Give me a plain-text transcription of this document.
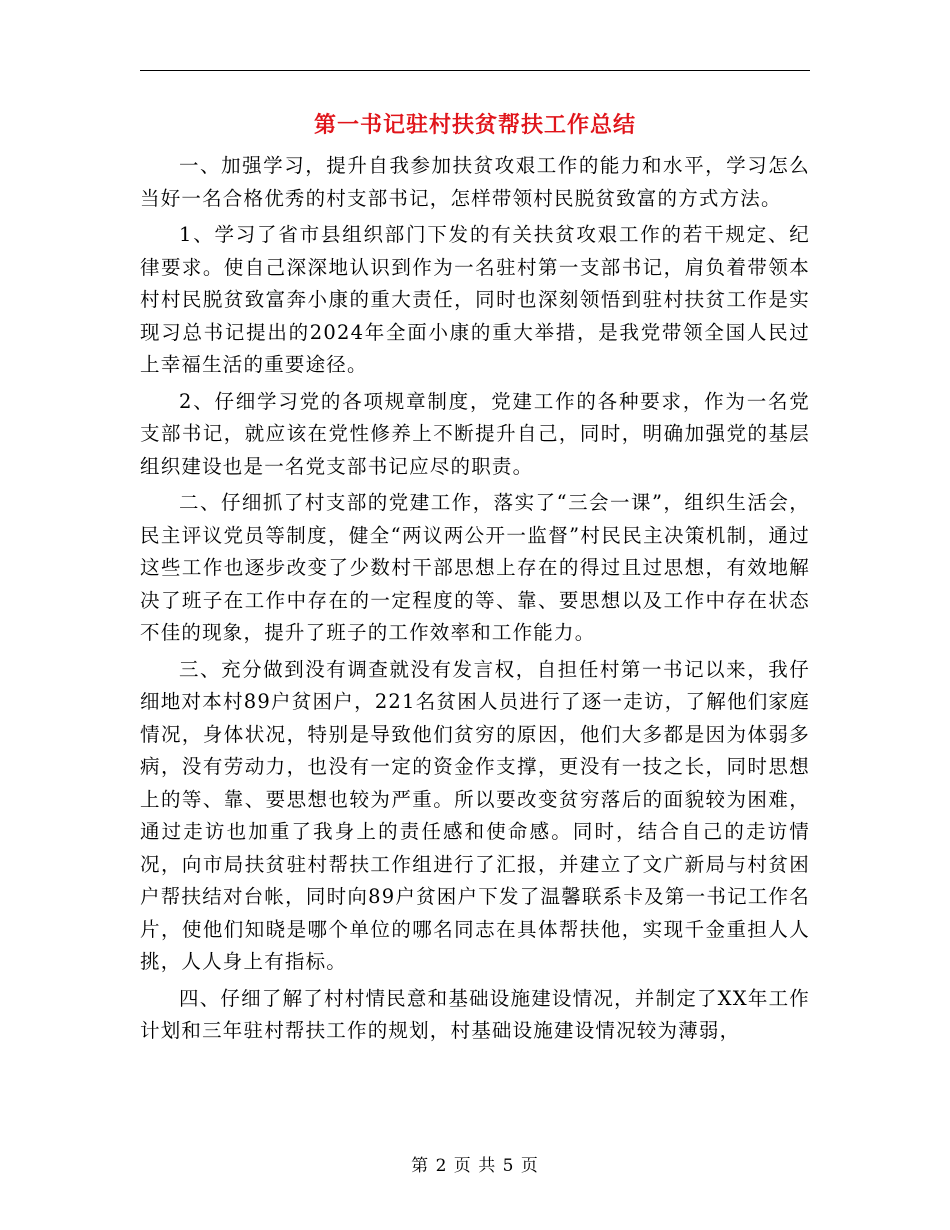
第一书记驻村扶贫帮扶工作总结

一、加强学习，提升自我参加扶贫攻艰工作的能力和水平，学习怎么当好一名合格优秀的村支部书记，怎样带领村民脱贫致富的方式方法。

1、学习了省市县组织部门下发的有关扶贫攻艰工作的若干规定、纪律要求。使自己深深地认识到作为一名驻村第一支部书记，肩负着带领本村村民脱贫致富奔小康的重大责任，同时也深刻领悟到驻村扶贫工作是实现习总书记提出的2024年全面小康的重大举措，是我党带领全国人民过上幸福生活的重要途径。

2、仔细学习党的各项规章制度，党建工作的各种要求，作为一名党支部书记，就应该在党性修养上不断提升自己，同时，明确加强党的基层组织建设也是一名党支部书记应尽的职责。

二、仔细抓了村支部的党建工作，落实了“三会一课”，组织生活会，民主评议党员等制度，健全“两议两公开一监督”村民民主决策机制，通过这些工作也逐步改变了少数村干部思想上存在的得过且过思想，有效地解决了班子在工作中存在的一定程度的等、靠、要思想以及工作中存在状态不佳的现象，提升了班子的工作效率和工作能力。

三、充分做到没有调查就没有发言权，自担任村第一书记以来，我仔细地对本村89户贫困户，221名贫困人员进行了逐一走访，了解他们家庭情况，身体状况，特别是导致他们贫穷的原因，他们大多都是因为体弱多病，没有劳动力，也没有一定的资金作支撑，更没有一技之长，同时思想上的等、靠、要思想也较为严重。所以要改变贫穷落后的面貌较为困难，通过走访也加重了我身上的责任感和使命感。同时，结合自己的走访情况，向市局扶贫驻村帮扶工作组进行了汇报，并建立了文广新局与村贫困户帮扶结对台帐，同时向89户贫困户下发了温馨联系卡及第一书记工作名片，使他们知晓是哪个单位的哪名同志在具体帮扶他，实现千金重担人人挑，人人身上有指标。

四、仔细了解了村村情民意和基础设施建设情况，并制定了XX年工作计划和三年驻村帮扶工作的规划，村基础设施建设情况较为薄弱，

第 2 页 共 5 页
